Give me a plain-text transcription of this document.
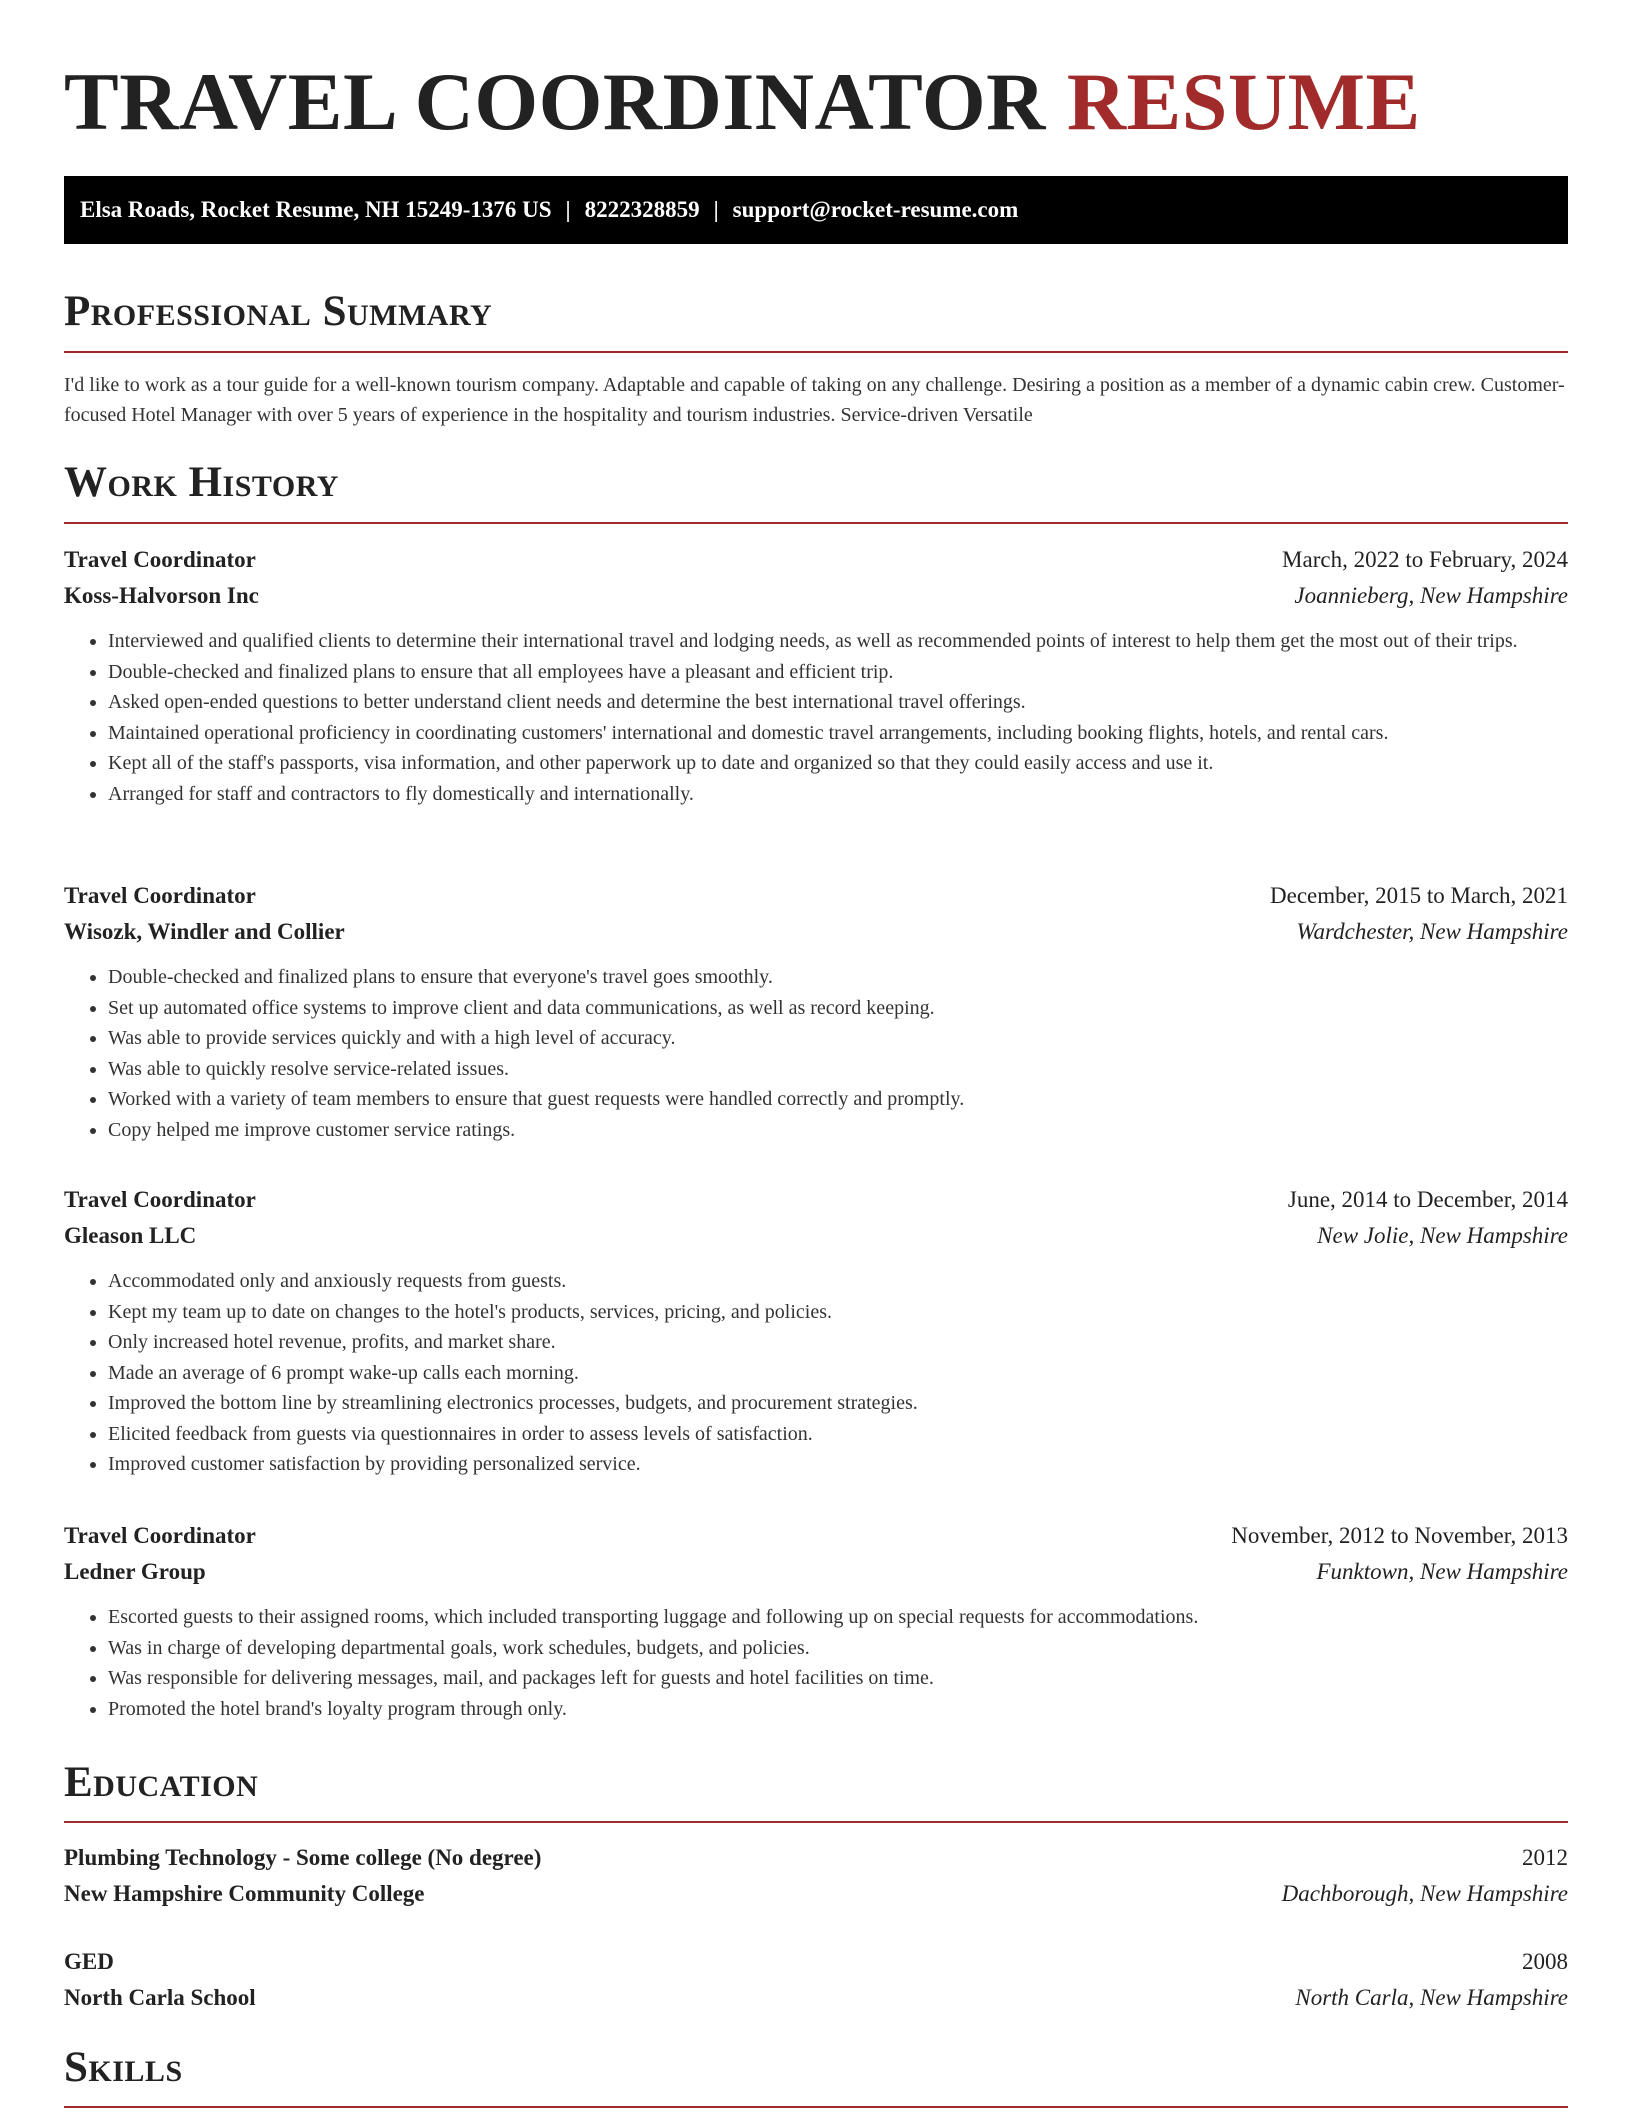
TRAVEL COORDINATOR RESUME
Elsa Roads, Rocket Resume, NH 15249-1376 US | 8222328859 | support@rocket-resume.com
Professional Summary

I'd like to work as a tour guide for a well-known tourism company. Adaptable and capable of taking on any challenge. Desiring a position as a member of a dynamic cabin crew. Customer-focused Hotel Manager with over 5 years of experience in the hospitality and tourism industries. Service-driven Versatile

Work History
Travel Coordinator	March, 2022 to February, 2024
Koss-Halvorson Inc	Joannieberg, New Hampshire
• Interviewed and qualified clients to determine their international travel and lodging needs, as well as recommended points of interest to help them get the most out of their trips.
• Double-checked and finalized plans to ensure that all employees have a pleasant and efficient trip.
• Asked open-ended questions to better understand client needs and determine the best international travel offerings.
• Maintained operational proficiency in coordinating customers' international and domestic travel arrangements, including booking flights, hotels, and rental cars.
• Kept all of the staff's passports, visa information, and other paperwork up to date and organized so that they could easily access and use it.
• Arranged for staff and contractors to fly domestically and internationally.
Travel Coordinator	December, 2015 to March, 2021
Wisozk, Windler and Collier	Wardchester, New Hampshire
• Double-checked and finalized plans to ensure that everyone's travel goes smoothly.
• Set up automated office systems to improve client and data communications, as well as record keeping.
• Was able to provide services quickly and with a high level of accuracy.
• Was able to quickly resolve service-related issues.
• Worked with a variety of team members to ensure that guest requests were handled correctly and promptly.
• Copy helped me improve customer service ratings.
Travel Coordinator	June, 2014 to December, 2014
Gleason LLC	New Jolie, New Hampshire
• Accommodated only and anxiously requests from guests.
• Kept my team up to date on changes to the hotel's products, services, pricing, and policies.
• Only increased hotel revenue, profits, and market share.
• Made an average of 6 prompt wake-up calls each morning.
• Improved the bottom line by streamlining electronics processes, budgets, and procurement strategies.
• Elicited feedback from guests via questionnaires in order to assess levels of satisfaction.
• Improved customer satisfaction by providing personalized service.
Travel Coordinator	November, 2012 to November, 2013
Ledner Group	Funktown, New Hampshire
• Escorted guests to their assigned rooms, which included transporting luggage and following up on special requests for accommodations.
• Was in charge of developing departmental goals, work schedules, budgets, and policies.
• Was responsible for delivering messages, mail, and packages left for guests and hotel facilities on time.
• Promoted the hotel brand's loyalty program through only.
Education
Plumbing Technology - Some college (No degree)	2012
New Hampshire Community College	Dachborough, New Hampshire
GED	2008
North Carla School	North Carla, New Hampshire
Skills
